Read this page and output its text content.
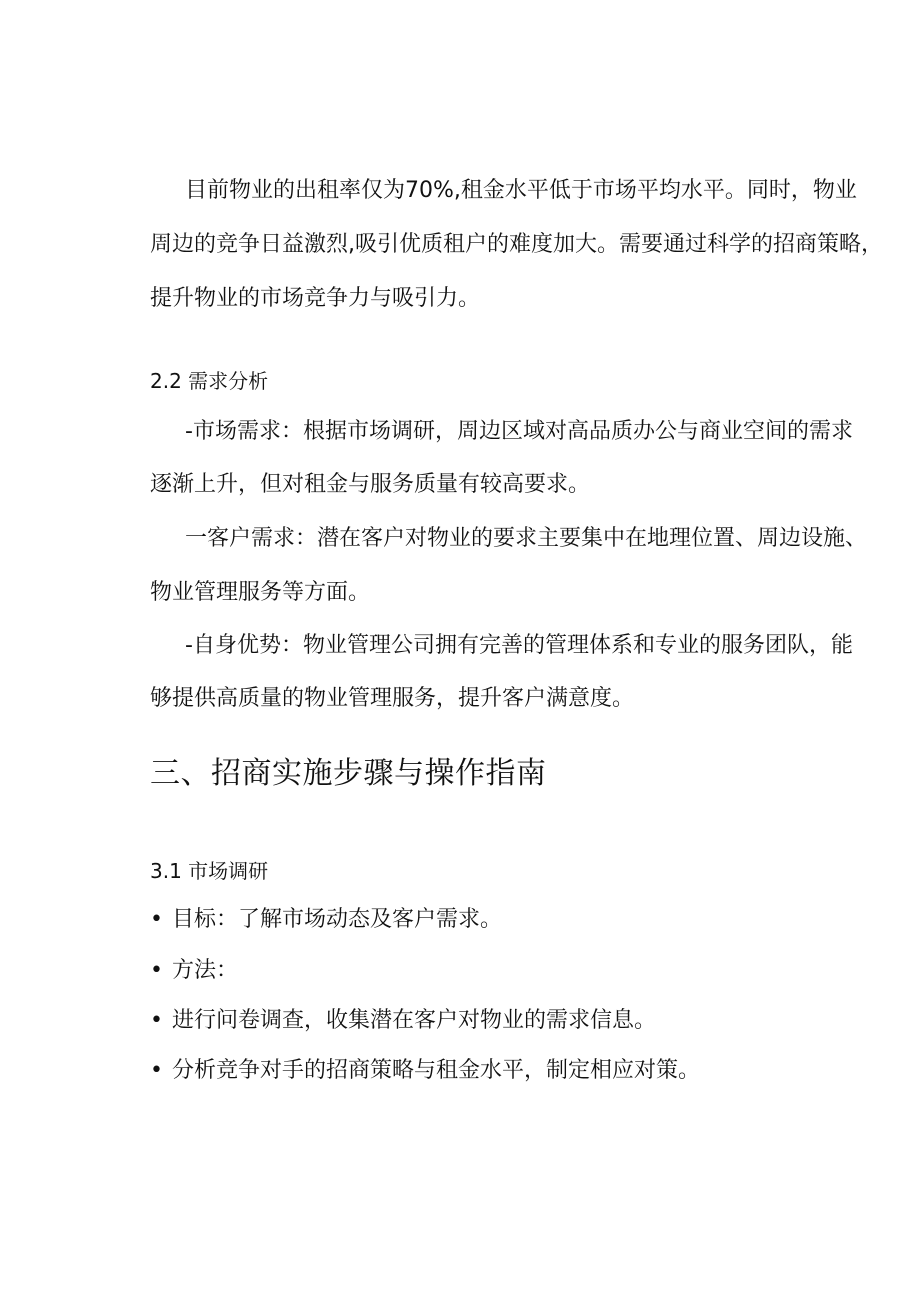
目前物业的出租率仅为70%,租金水平低于市场平均水平。同时，物业
周边的竞争日益激烈,吸引优质租户的难度加大。需要通过科学的招商策略，
提升物业的市场竞争力与吸引力。
2.2 需求分析
-市场需求：根据市场调研，周边区域对高品质办公与商业空间的需求
逐渐上升，但对租金与服务质量有较高要求。
一客户需求：潜在客户对物业的要求主要集中在地理位置、周边设施、
物业管理服务等方面。
-自身优势：物业管理公司拥有完善的管理体系和专业的服务团队，能
够提供高质量的物业管理服务，提升客户满意度。
三、招商实施步骤与操作指南
3.1 市场调研
• 目标：了解市场动态及客户需求。
• 方法：
• 进行问卷调查，收集潜在客户对物业的需求信息。
• 分析竞争对手的招商策略与租金水平，制定相应对策。
